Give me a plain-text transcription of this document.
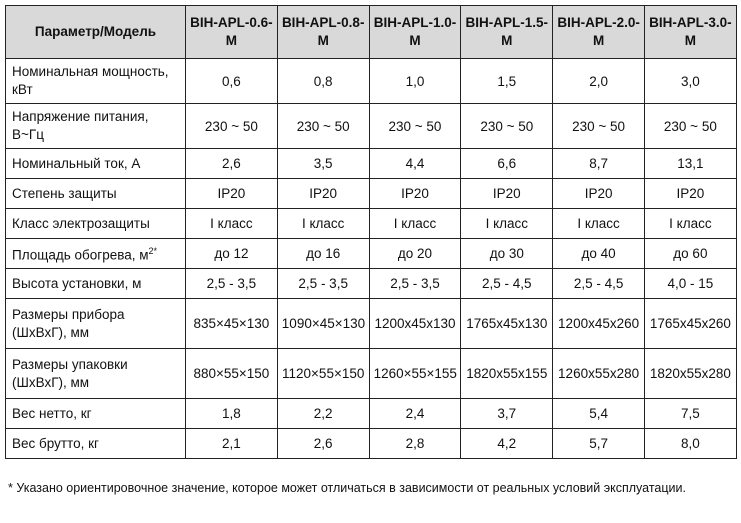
Параметр/Модель	BIH-APL-0.6-M	BIH-APL-0.8-M	BIH-APL-1.0-M	BIH-APL-1.5-M	BIH-APL-2.0-M	BIH-APL-3.0-M
Номинальная мощность, кВт	0,6	0,8	1,0	1,5	2,0	3,0
Напряжение питания, В~Гц	230 ~ 50	230 ~ 50	230 ~ 50	230 ~ 50	230 ~ 50	230 ~ 50
Номинальный ток, А	2,6	3,5	4,4	6,6	8,7	13,1
Степень защиты	IP20	IP20	IP20	IP20	IP20	IP20
Класс электрозащиты	I класс	I класс	I класс	I класс	I класс	I класс
Площадь обогрева, $м^{2*}$	до 12	до 16	до 20	до 30	до 40	до 60
Высота установки, м	2,5 - 3,5	2,5 - 3,5	2,5 - 3,5	2,5 - 4,5	2,5 - 4,5	4,0 - 15
Размеры прибора (ШхВхГ), мм	835×45×130	1090×45×130	1200x45x130	1765x45x130	1200x45x260	1765x45x260
Размеры упаковки (ШхВхГ), мм	880×55×150	1120×55×150	1260×55×155	1820x55x155	1260x55x280	1820x55x280
Вес нетто, кг	1,8	2,2	2,4	3,7	5,4	7,5
Вес брутто, кг	2,1	2,6	2,8	4,2	5,7	8,0
* Указано ориентировочное значение, которое может отличаться в зависимости от реальных условий эксплуатации.
